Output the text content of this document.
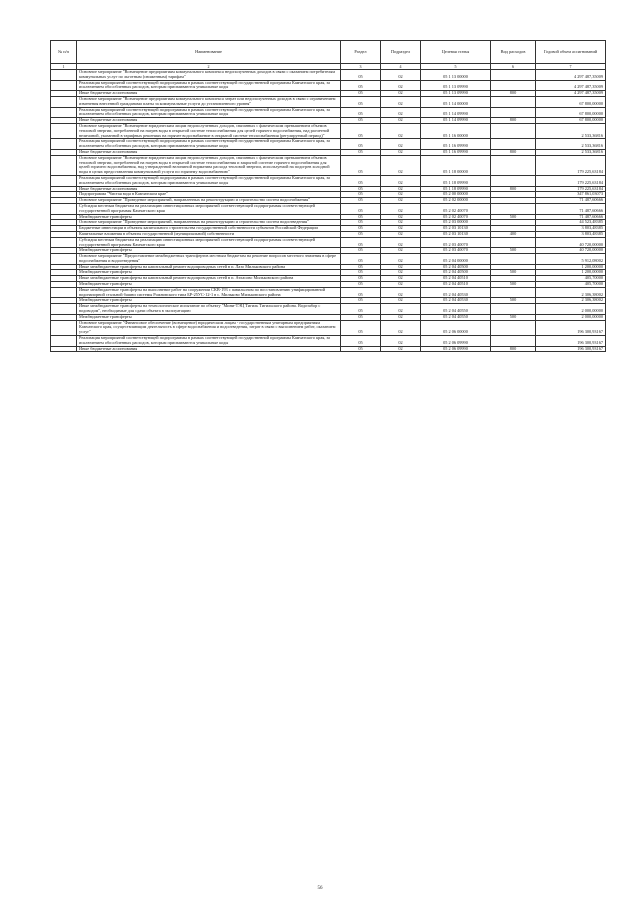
№ п/п	Наименование	Раздел	Подраздел	Целевая статья	Вид расходов	Годовой объем ассигнований
1	2	3	4	5	6	7
	Основное мероприятие "Возмещение предприятиям коммунального комплекса недополученных доходов в связи с оказанием потребителям коммунальных услуг по льготным (сниженным) тарифам"	05	02	05 1 13 00000		4 297 487,35009
	Реализация мероприятий соответствующей подпрограммы в рамках соответствующей государственной программы Камчатского края, за исключением обособленных расходов, которым присваиваются уникальные коды	05	02	05 1 13 09990		4 297 487,35009
	Иные бюджетные ассигнования	05	02	05 1 13 09990	800	4 297 487,35009
	Основное мероприятие "Возмещение предприятиям коммунального комплекса затрат или недополученных доходов в связи с ограничением изменения внесенной гражданами платы за коммунальные услуги до установленного уровня"	05	02	05 1 14 00000		67 800,00000
	Реализация мероприятий соответствующей подпрограммы в рамках соответствующей государственной программы Камчатского края, за исключением обособленных расходов, которым присваиваются уникальные коды	05	02	05 1 14 09990		67 800,00000
	Иные бюджетные ассигнования	05	02	05 1 14 09990	800	67 800,00000
	Основное мероприятие "Возмещение юридическим лицам недополученных доходов, связанных с фактическим превышением объемов тепловой энергии, потребленной на нагрев воды в открытой системе теплоснабжения для целей горячего водоснабжения, над расчетной величиной, указанной в тарифных решениях на горячее водоснабжение в открытой системе теплоснабжения (регулируемый период)"	05	02	05 1 16 00000		2 533,36816
	Реализация мероприятий соответствующей подпрограммы в рамках соответствующей государственной программы Камчатского края, за исключением обособленных расходов, которым присваиваются уникальные коды	05	02	05 1 16 09990		2 533,36816
	Иные бюджетные ассигнования	05	02	05 1 16 09990	800	2 533,36816
	Основное мероприятие "Возмещение юридическим лицам недополученных доходов, связанных с фактическим превышением объемов тепловой энергии, потребленной на нагрев воды в открытой системе теплоснабжения и закрытой системе горячего водоснабжения для целей горячего водоснабжения, над утвержденной величиной норматива расхода тепловой энергии, используемой на подогрев холодной воды в целях предоставления коммунальной услуги по горячему водоснабжению"	05	02	05 1 18 00000		179 225,63184
	Реализация мероприятий соответствующей подпрограммы в рамках соответствующей государственной программы Камчатского края, за исключением обособленных расходов, которым присваиваются уникальные коды	05	02	05 1 18 09990		179 225,63184
	Иные бюджетные ассигнования	05	02	05 1 18 09990	800	179 225,63184
	Подпрограмма "Чистая вода в Камчатском крае"	05	02	05 2 00 00000		347 861,03073
	Основное мероприятие "Проведение мероприятий, направленных на реконструкцию и строительство систем водоснабжения"	05	02	05 2 02 00000		71 487,60666
	Субсидия местным бюджетам на реализацию инвестиционных мероприятий соответствующей подпрограммы соответствующей государственной программы Камчатского края	05	02	05 2 02 40070		71 487,60666
	Межбюджетные трансферты	05	02	05 2 02 40070	500	71 487,60666
	Основное мероприятие "Проведение мероприятий, направленных на реконструкцию и строительство систем водоотведения"	05	02	05 2 03 00000		44 523,48385
	Бюджетные инвестиции в объекты капитального строительства государственной собственности субъектов Российской Федерации	05	02	05 2 03 10130		3 803,48385
	Капитальные вложения в объекты государственной (муниципальной) собственности	05	02	05 2 03 10130	400	3 803,48385
	Субсидия местным бюджетам на реализацию инвестиционных мероприятий соответствующей подпрограммы соответствующей государственной программы Камчатского края	05	02	05 2 03 40070		40 720,00000
	Межбюджетные трансферты	05	02	05 2 03 40070	500	40 720,00000
	Основное мероприятие "Предоставление межбюджетных трансфертов местным бюджетам на решение вопросов местного значения в сфере водоснабжения и водоотведения"	05	02	05 2 04 00000		5 912,08002
	Иные межбюджетные трансферты на капитальный ремонт водопроводных сетей в п. Лазо Мильковского района	05	02	05 2 04 40500		1 200,00000
	Межбюджетные трансферты	05	02	05 2 04 40500	500	1 200,00000
	Иные межбюджетные трансферты на капитальный ремонт водопроводных сетей в п. Атласово Мильковского района	05	02	05 2 04 40510		405,70000
	Межбюджетные трансферты	05	02	05 2 04 40510	500	405,70000
	Иные межбюджетные трансферты на выполнение работ на сооружении СКВ-193 с павильоном по восстановлению унифицированной водонапорной стальной башни системы Рожновского типа БР-25УС-12-1 в с. Мильково Мильковского района	05	02	05 2 04 40530		2 306,38002
	Межбюджетные трансферты	05	02	05 2 04 40530	500	2 306,38002
	Иные межбюджетные трансферты на технологическое испытание по объекту "Мини-ТЭЦ Тигиль Тигильского района. Водозабор с водоводом", необходимые для сдачи объекта в эксплуатацию	05	02	05 2 04 40550		2 000,00000
	Межбюджетные трансферты	05	02	05 2 04 40550	500	2 000,00000
	Основное мероприятие "Финансовое обеспечение (возмещение) юридическим лицам - государственным унитарным предприятиям Камчатского края, осуществляющим деятельность в сфере водоснабжения и водоотведения, затрат в связи с выполнением работ, оказанием услуг"	05	02	05 2 06 00000		196 300,93167
	Реализация мероприятий соответствующей подпрограммы в рамках соответствующей государственной программы Камчатского края, за исключением обособленных расходов, которым присваиваются уникальные коды	05	02	05 2 06 09990		196 300,93167
	Иные бюджетные ассигнования	05	02	05 2 06 09990	800	196 300,93167
56
